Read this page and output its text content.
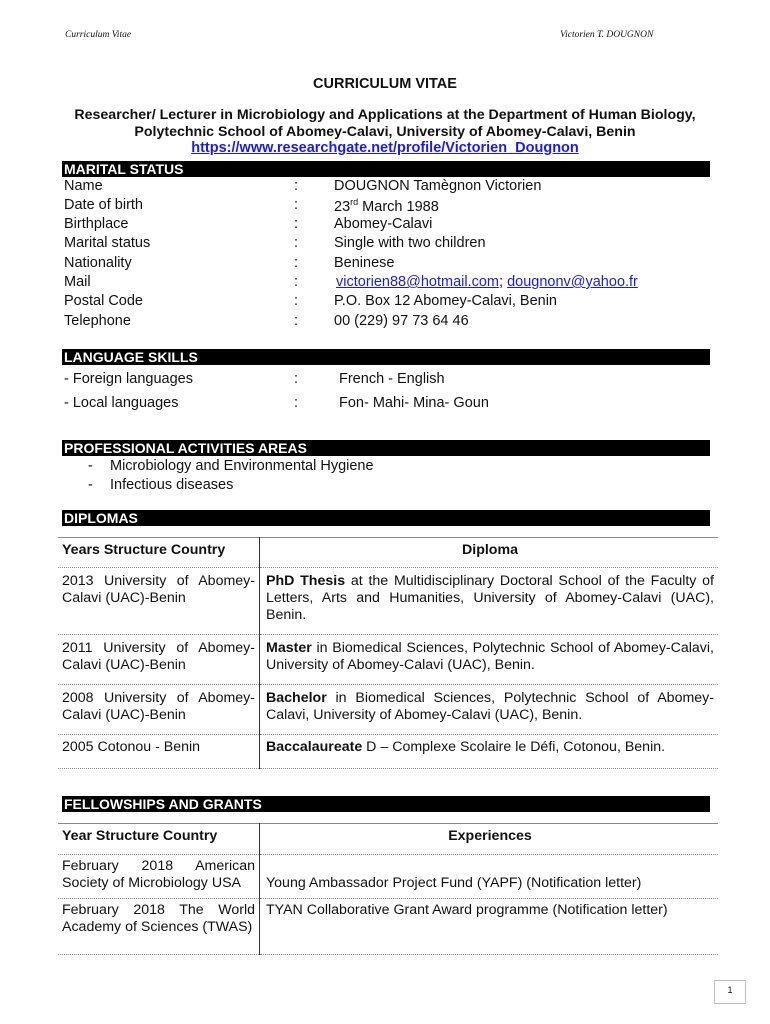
Curriculum Vitae	Victorien T. DOUGNON
CURRICULUM VITAE
Researcher/ Lecturer in Microbiology and Applications at the Department of Human Biology, Polytechnic School of Abomey-Calavi, University of Abomey-Calavi, Benin
https://www.researchgate.net/profile/Victorien_Dougnon
MARITAL STATUS
Name	: DOUGNON Tamègnon Victorien
Date of birth	: 23rd March 1988
Birthplace	: Abomey-Calavi
Marital status	: Single with two children
Nationality	: Beninese
Mail	:	victorien88@hotmail.com; dougnonv@yahoo.fr
Postal Code	: P.O. Box 12 Abomey-Calavi, Benin
Telephone	: 00 (229) 97 73 64 46
LANGUAGE SKILLS
- Foreign languages	:	French - English
- Local languages	:	Fon- Mahi- Mina- Goun
PROFESSIONAL ACTIVITIES AREAS
- Microbiology and Environmental Hygiene
- Infectious diseases
DIPLOMAS
Years Structure Country	Diploma
2013 University of Abomey-Calavi (UAC)-Benin	PhD Thesis at the Multidisciplinary Doctoral School of the Faculty of Letters, Arts and Humanities, University of Abomey-Calavi (UAC), Benin.
2011 University of Abomey-Calavi (UAC)-Benin	Master in Biomedical Sciences, Polytechnic School of Abomey-Calavi, University of Abomey-Calavi (UAC), Benin.
2008 University of Abomey-Calavi (UAC)-Benin	Bachelor in Biomedical Sciences, Polytechnic School of Abomey-Calavi, University of Abomey-Calavi (UAC), Benin.
2005 Cotonou - Benin	Baccalaureate D – Complexe Scolaire le Défi, Cotonou, Benin.
FELLOWSHIPS AND GRANTS
Year Structure Country	Experiences
February 2018 American Society of Microbiology USA	Young Ambassador Project Fund (YAPF) (Notification letter)
February 2018 The World Academy of Sciences (TWAS)	TYAN Collaborative Grant Award programme (Notification letter)
1
